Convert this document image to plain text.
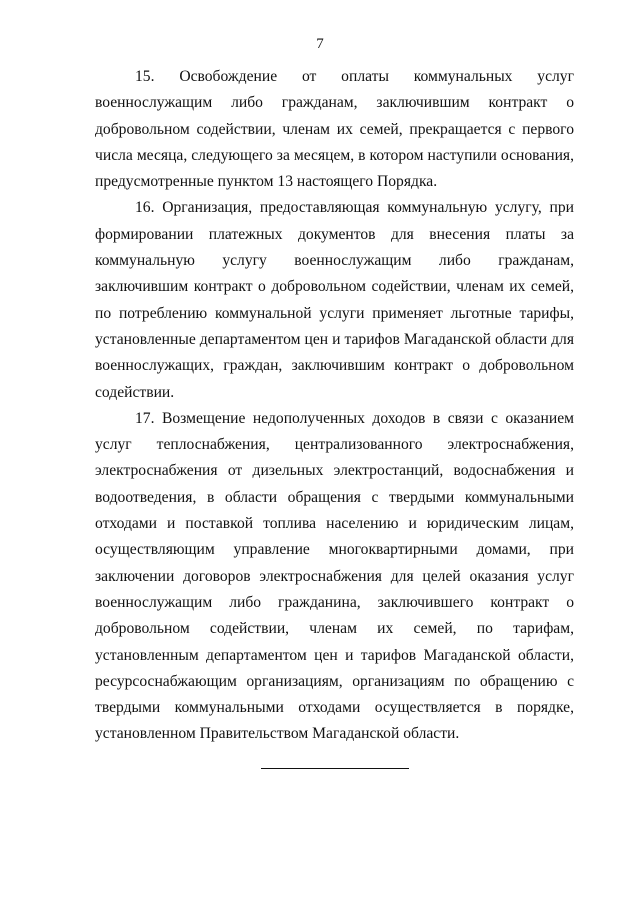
7

15. Освобождение от оплаты коммунальных услуг военнослужащим либо гражданам, заключившим контракт о добровольном содействии, членам их семей, прекращается с первого числа месяца, следующего за месяцем, в котором наступили основания, предусмотренные пунктом 13 настоящего Порядка.

16. Организация, предоставляющая коммунальную услугу, при формировании платежных документов для внесения платы за коммунальную услугу военнослужащим либо гражданам, заключившим контракт о добровольном содействии, членам их семей, по потреблению коммунальной услуги применяет льготные тарифы, установленные департаментом цен и тарифов Магаданской области для военнослужащих, граждан, заключившим контракт о добровольном содействии.

17. Возмещение недополученных доходов в связи с оказанием услуг теплоснабжения, централизованного электроснабжения, электроснабжения от дизельных электростанций, водоснабжения и водоотведения, в области обращения с твердыми коммунальными отходами и поставкой топлива населению и юридическим лицам, осуществляющим управление многоквартирными домами, при заключении договоров электроснабжения для целей оказания услуг военнослужащим либо гражданина, заключившего контракт о добровольном содействии, членам их семей, по тарифам, установленным департаментом цен и тарифов Магаданской области, ресурсоснабжающим организациям, организациям по обращению с твердыми коммунальными отходами осуществляется в порядке, установленном Правительством Магаданской области.
